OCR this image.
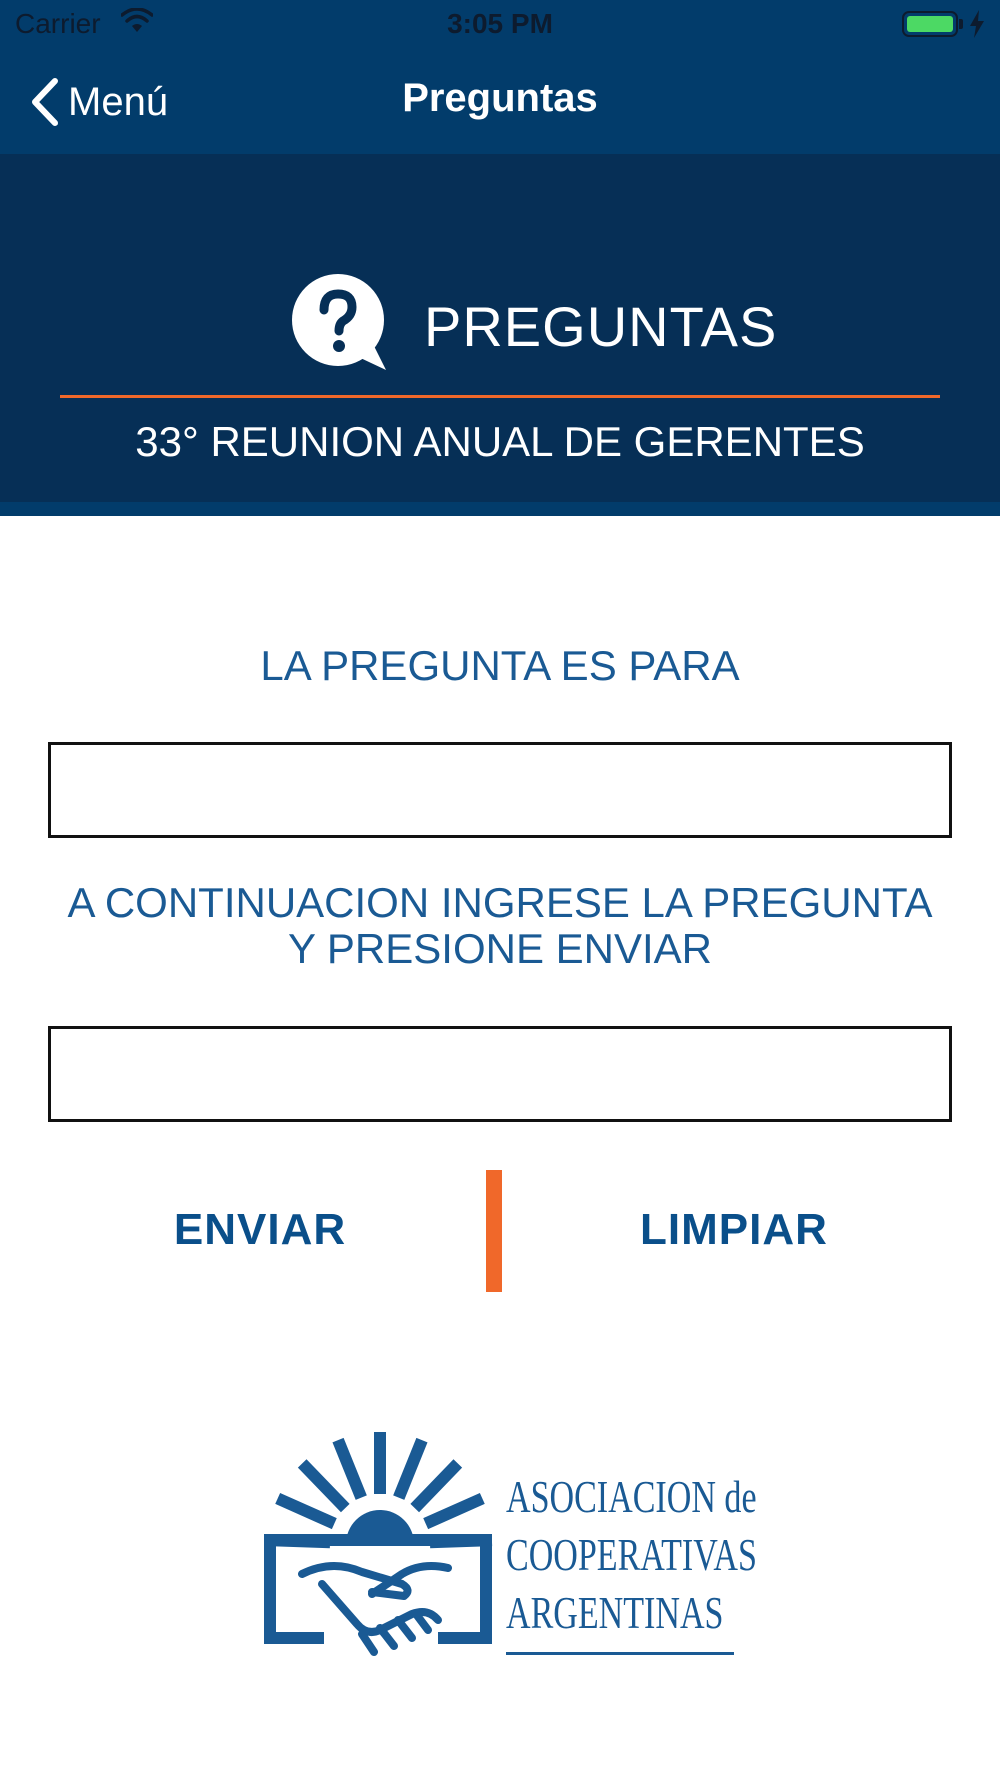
Carrier	3:05 PM
Menú	Preguntas
PREGUNTAS
33° REUNION ANUAL DE GERENTES
LA PREGUNTA ES PARA
A CONTINUACION INGRESE LA PREGUNTA
Y PRESIONE ENVIAR
ENVIAR	LIMPIAR
ASOCIACION de
COOPERATIVAS
ARGENTINAS
